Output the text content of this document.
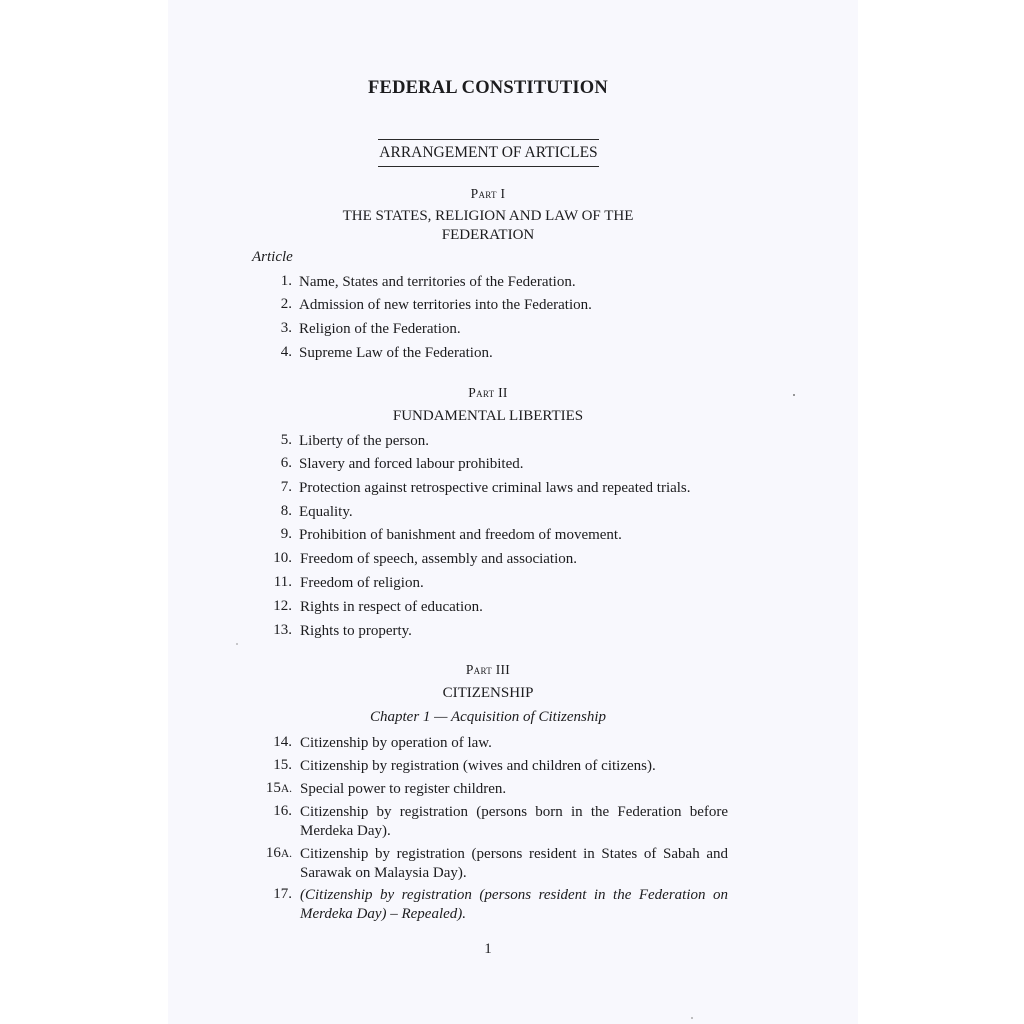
FEDERAL CONSTITUTION
ARRANGEMENT OF ARTICLES
Part I
THE STATES, RELIGION AND LAW OF THE FEDERATION
Article
1. Name, States and territories of the Federation.
2. Admission of new territories into the Federation.
3. Religion of the Federation.
4. Supreme Law of the Federation.
Part II
FUNDAMENTAL LIBERTIES
5. Liberty of the person.
6. Slavery and forced labour prohibited.
7. Protection against retrospective criminal laws and repeated trials.
8. Equality.
9. Prohibition of banishment and freedom of movement.
10. Freedom of speech, assembly and association.
11. Freedom of religion.
12. Rights in respect of education.
13. Rights to property.
Part III
CITIZENSHIP
Chapter 1 — Acquisition of Citizenship
14. Citizenship by operation of law.
15. Citizenship by registration (wives and children of citizens).
15A. Special power to register children.
16. Citizenship by registration (persons born in the Federation before Merdeka Day).
16A. Citizenship by registration (persons resident in States of Sabah and Sarawak on Malaysia Day).
17. (Citizenship by registration (persons resident in the Federation on Merdeka Day) – Repealed).
1
